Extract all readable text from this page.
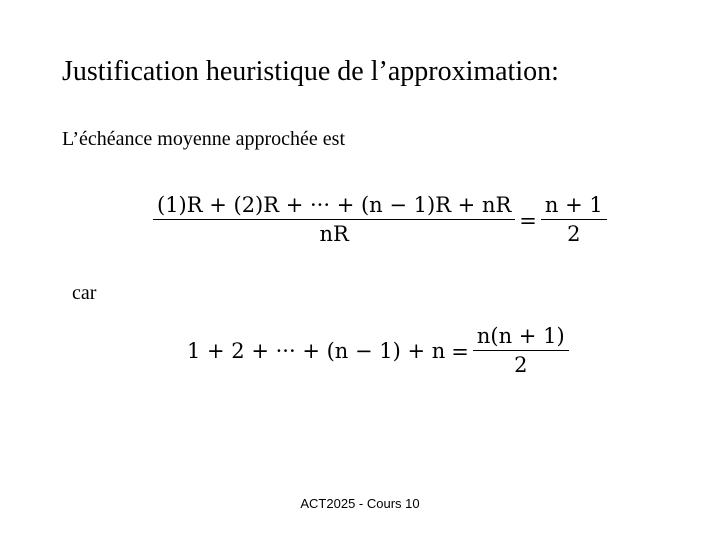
Justification heuristique de l’approximation:
L’échéance moyenne approchée est
$\frac{(1)R + (2)R + \cdot\cdot\cdot + (n - 1)R + nR}{nR} = \frac{n + 1}{2}$
car
1 + 2 + ··· + $(n - 1) + n = \frac{n(n + 1)}{2}$
ACT2025 - Cours 10
